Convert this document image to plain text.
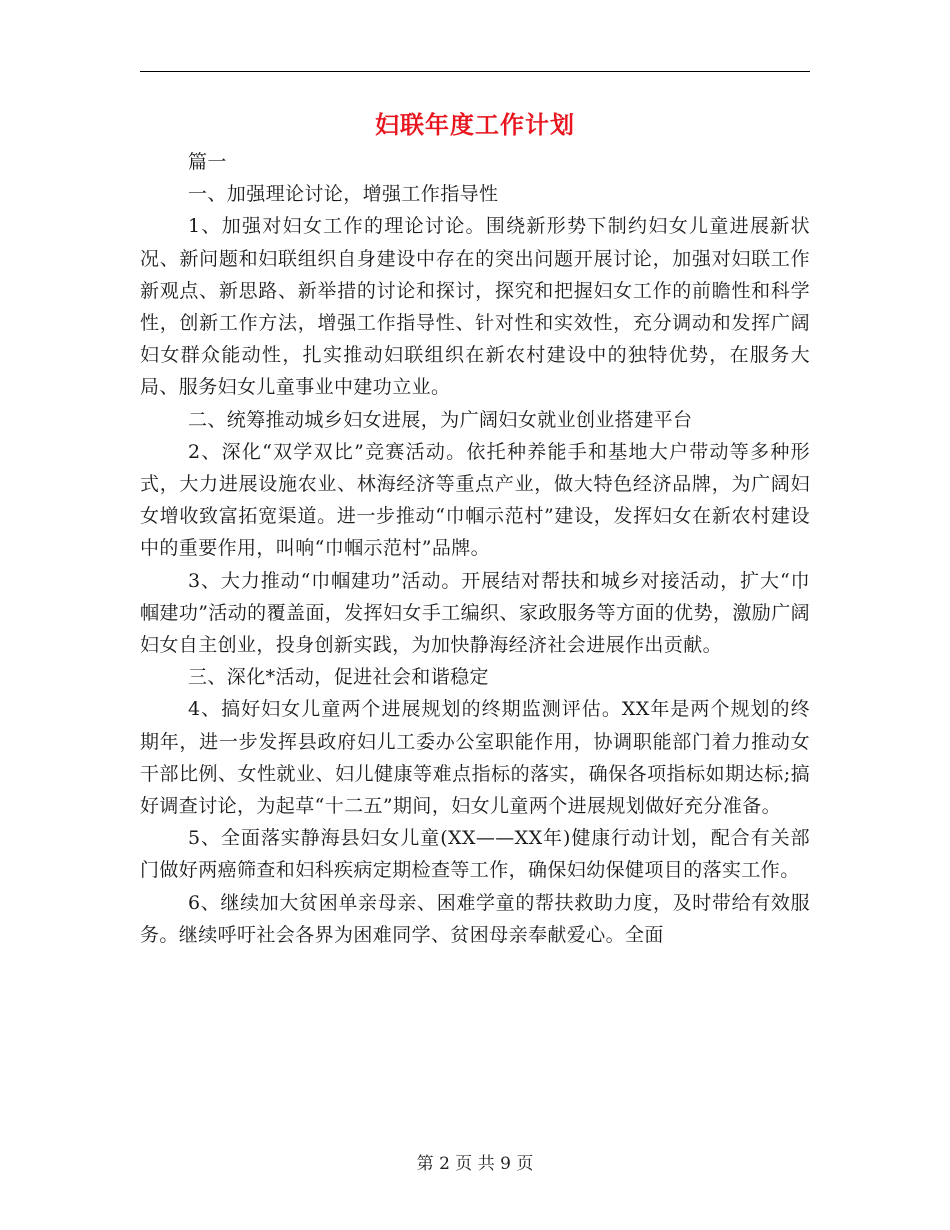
妇联年度工作计划

篇一

一、加强理论讨论，增强工作指导性

1、加强对妇女工作的理论讨论。围绕新形势下制约妇女儿童进展新状况、新问题和妇联组织自身建设中存在的突出问题开展讨论，加强对妇联工作新观点、新思路、新举措的讨论和探讨，探究和把握妇女工作的前瞻性和科学性，创新工作方法，增强工作指导性、针对性和实效性，充分调动和发挥广阔妇女群众能动性，扎实推动妇联组织在新农村建设中的独特优势，在服务大局、服务妇女儿童事业中建功立业。

二、统筹推动城乡妇女进展，为广阔妇女就业创业搭建平台

2、深化“双学双比”竞赛活动。依托种养能手和基地大户带动等多种形式，大力进展设施农业、林海经济等重点产业，做大特色经济品牌，为广阔妇女增收致富拓宽渠道。进一步推动“巾帼示范村”建设，发挥妇女在新农村建设中的重要作用，叫响“巾帼示范村”品牌。

3、大力推动“巾帼建功”活动。开展结对帮扶和城乡对接活动，扩大“巾帼建功”活动的覆盖面，发挥妇女手工编织、家政服务等方面的优势，激励广阔妇女自主创业，投身创新实践，为加快静海经济社会进展作出贡献。

三、深化*活动，促进社会和谐稳定

4、搞好妇女儿童两个进展规划的终期监测评估。XX年是两个规划的终期年，进一步发挥县政府妇儿工委办公室职能作用，协调职能部门着力推动女干部比例、女性就业、妇儿健康等难点指标的落实，确保各项指标如期达标;搞好调查讨论，为起草“十二五”期间，妇女儿童两个进展规划做好充分准备。

5、全面落实静海县妇女儿童(XX——XX年)健康行动计划，配合有关部门做好两癌筛查和妇科疾病定期检查等工作，确保妇幼保健项目的落实工作。

6、继续加大贫困单亲母亲、困难学童的帮扶救助力度，及时带给有效服务。继续呼吁社会各界为困难同学、贫困母亲奉献爱心。全面

第 2 页 共 9 页
